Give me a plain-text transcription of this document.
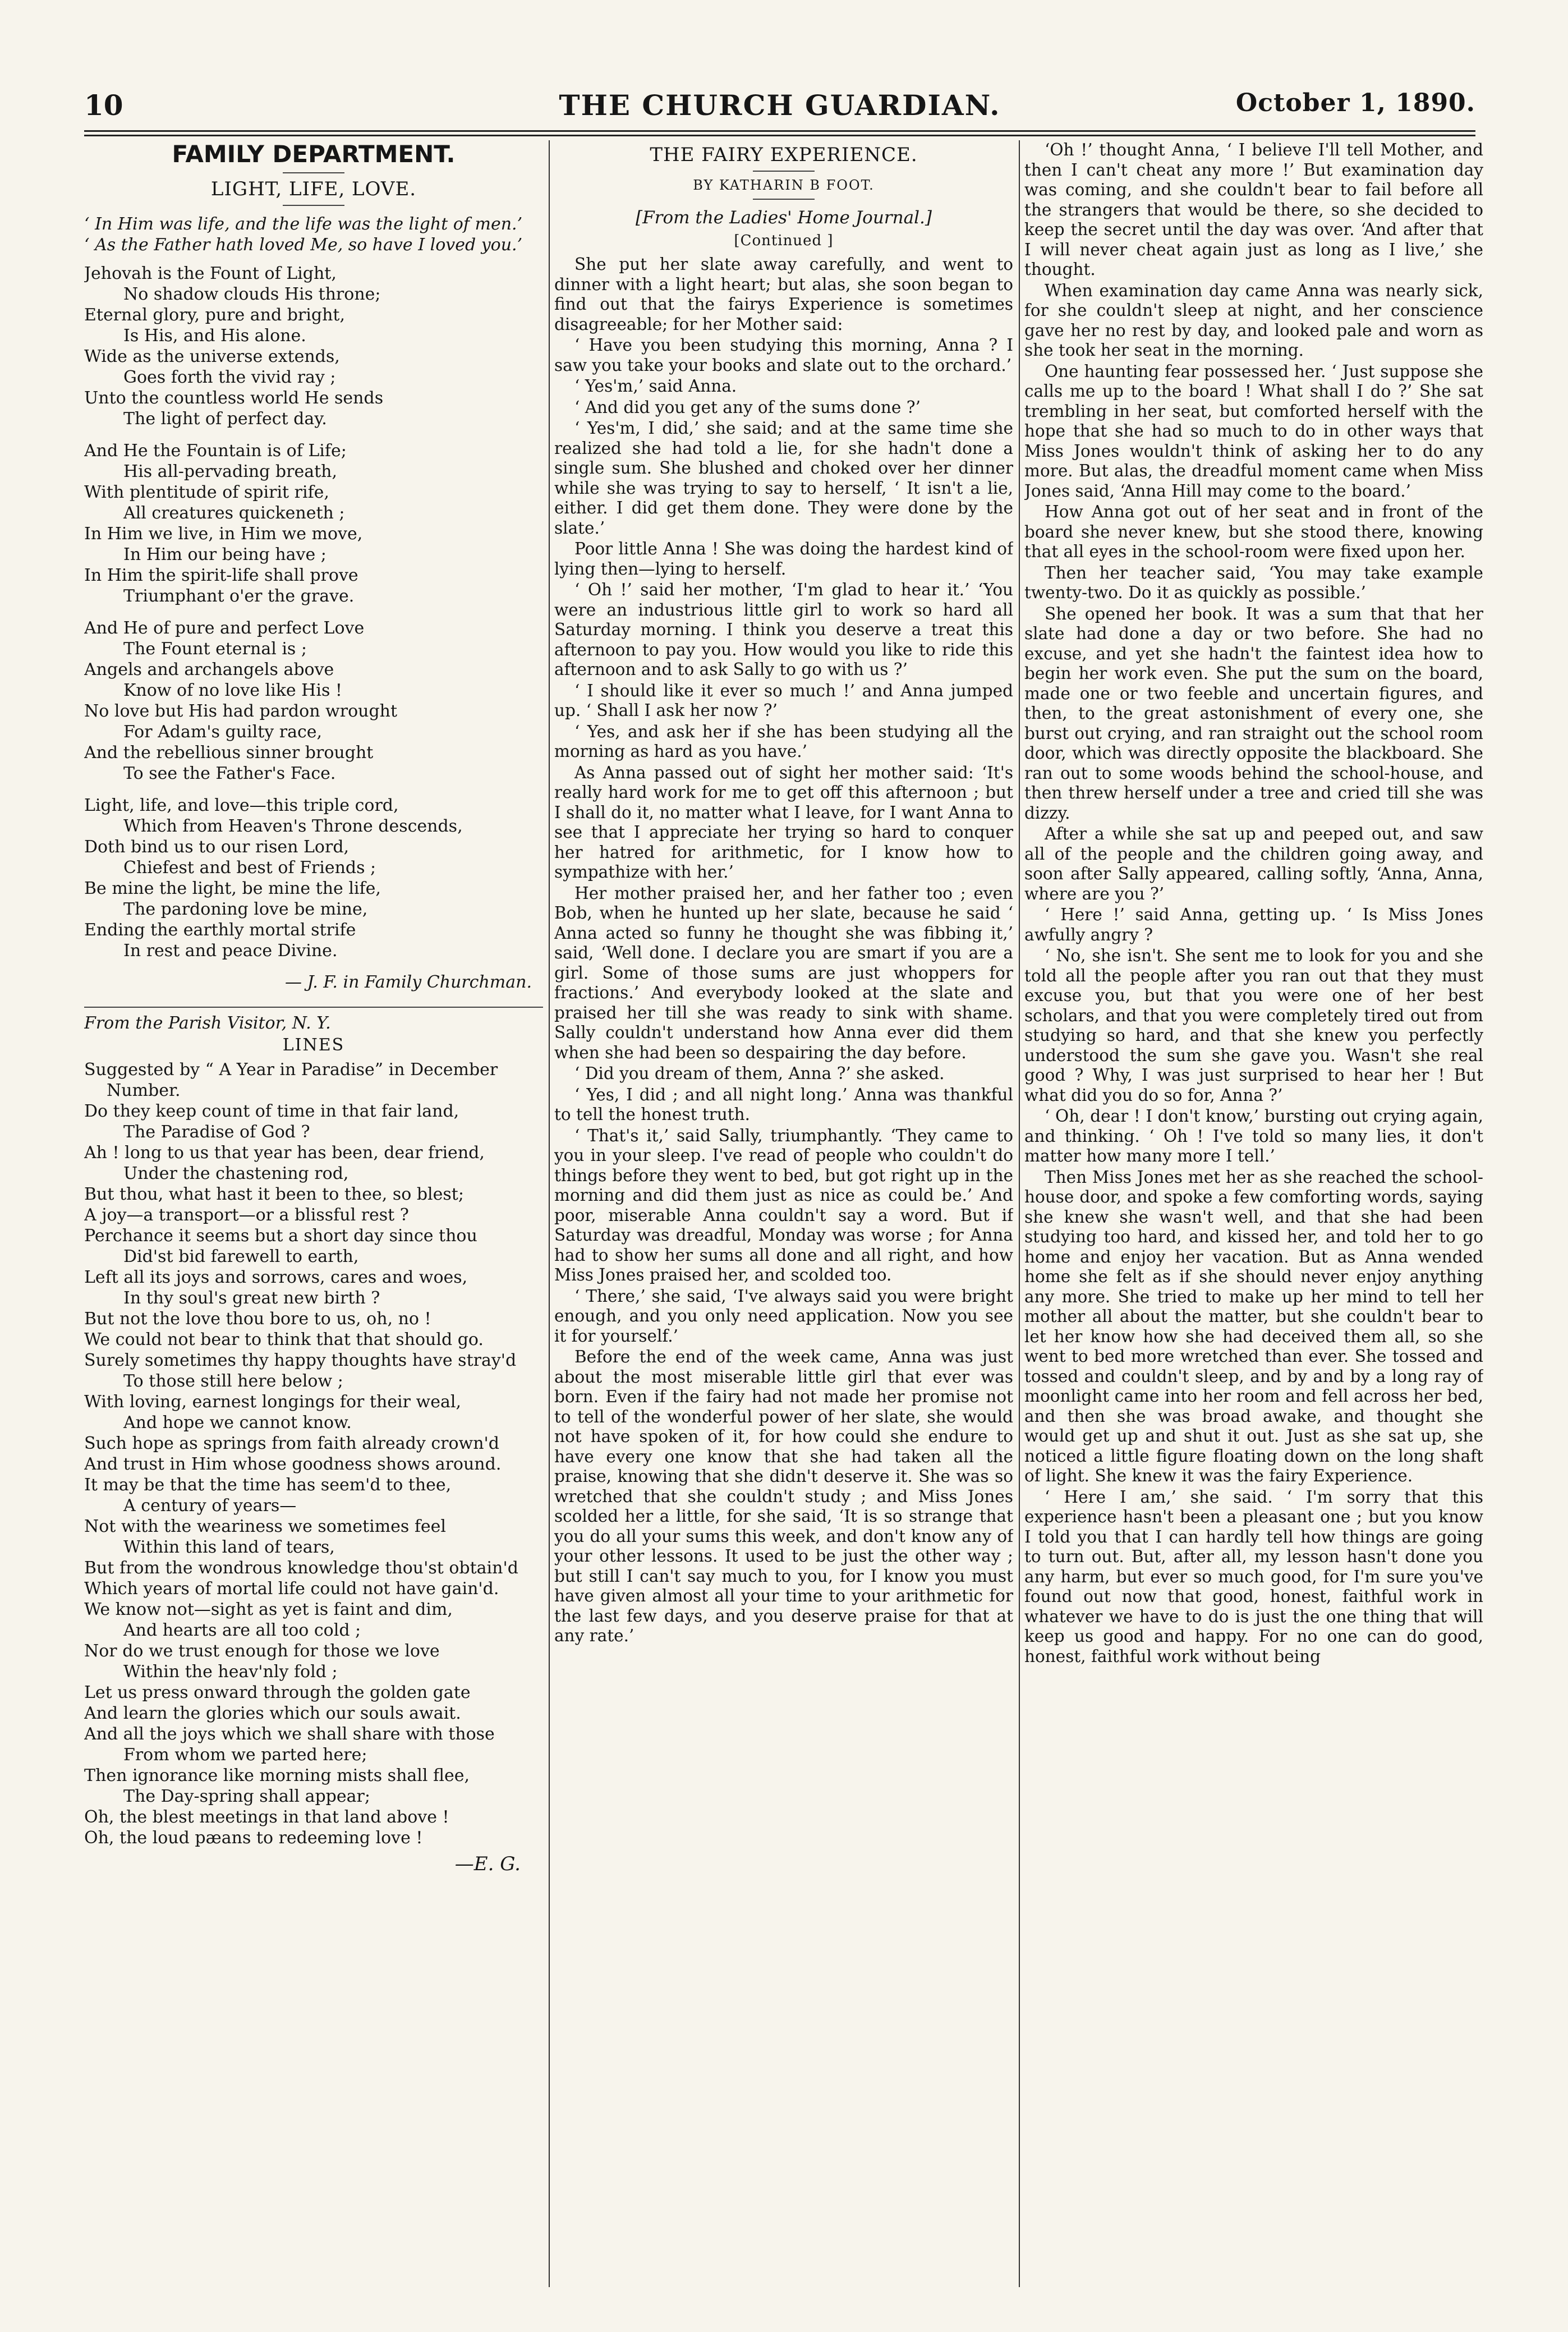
10	THE CHURCH GUARDIAN.	October 1, 1890.
FAMILY DEPARTMENT.
LIGHT, LIFE, LOVE.
‘ In Him was life, and the life was the light of men.’
‘ As the Father hath loved Me, so have I loved you.’
Jehovah is the Fount of Light,
No shadow clouds His throne;
Eternal glory, pure and bright,
Is His, and His alone.
Wide as the universe extends,
Goes forth the vivid ray ;
Unto the countless world He sends
The light of perfect day.
And He the Fountain is of Life;
His all-pervading breath,
With plentitude of spirit rife,
All creatures quickeneth ;
In Him we live, in Him we move,
In Him our being have ;
In Him the spirit-life shall prove
Triumphant o'er the grave.
And He of pure and perfect Love
The Fount eternal is ;
Angels and archangels above
Know of no love like His !
No love but His had pardon wrought
For Adam's guilty race,
And the rebellious sinner brought
To see the Father's Face.
Light, life, and love—this triple cord,
Which from Heaven's Throne descends,
Doth bind us to our risen Lord,
Chiefest and best of Friends ;
Be mine the light, be mine the life,
The pardoning love be mine,
Ending the earthly mortal strife
In rest and peace Divine.
— J. F. in Family Churchman.
From the Parish Visitor, N. Y.
LINES
Suggested by “ A Year in Paradise” in December Number.
Do they keep count of time in that fair land,
The Paradise of God ?
Ah ! long to us that year has been, dear friend,
Under the chastening rod,
But thou, what hast it been to thee, so blest;
A joy—a transport—or a blissful rest ?
Perchance it seems but a short day since thou
Did'st bid farewell to earth,
Left all its joys and sorrows, cares and woes,
In thy soul's great new birth ?
But not the love thou bore to us, oh, no !
We could not bear to think that that should go.
Surely sometimes thy happy thoughts have stray'd
To those still here below ;
With loving, earnest longings for their weal,
And hope we cannot know.
Such hope as springs from faith already crown'd
And trust in Him whose goodness shows around.
It may be that the time has seem'd to thee,
A century of years—
Not with the weariness we sometimes feel
Within this land of tears,
But from the wondrous knowledge thou'st obtain'd
Which years of mortal life could not have gain'd.
We know not—sight as yet is faint and dim,
And hearts are all too cold ;
Nor do we trust enough for those we love
Within the heav'nly fold ;
Let us press onward through the golden gate
And learn the glories which our souls await.
And all the joys which we shall share with those
From whom we parted here;
Then ignorance like morning mists shall flee,
The Day-spring shall appear;
Oh, the blest meetings in that land above !
Oh, the loud pæans to redeeming love !
—E. G.
THE FAIRY EXPERIENCE.
BY KATHARIN B FOOT.
[From the Ladies' Home Journal.]
[Continued ]

She put her slate away carefully, and went to dinner with a light heart; but alas, she soon began to find out that the fairys Experience is sometimes disagreeable; for her Mother said:

‘ Have you been studying this morning, Anna ? I saw you take your books and slate out to the orchard.’

‘ Yes'm,’ said Anna.

‘ And did you get any of the sums done ?’

‘ Yes'm, I did,’ she said; and at the same time she realized she had told a lie, for she hadn't done a single sum. She blushed and choked over her dinner while she was trying to say to herself, ‘ It isn't a lie, either. I did get them done. They were done by the slate.’

Poor little Anna ! She was doing the hardest kind of lying then—lying to herself.

‘ Oh !’ said her mother, ‘I'm glad to hear it.’ ‘You were an industrious little girl to work so hard all Saturday morning. I think you deserve a treat this afternoon to pay you. How would you like to ride this afternoon and to ask Sally to go with us ?’

‘ I should like it ever so much !’ and Anna jumped up. ‘ Shall I ask her now ?’

‘ Yes, and ask her if she has been studying all the morning as hard as you have.’

As Anna passed out of sight her mother said: ‘It's really hard work for me to get off this afternoon ; but I shall do it, no matter what I leave, for I want Anna to see that I appreciate her trying so hard to conquer her hatred for arithmetic, for I know how to sympathize with her.’

Her mother praised her, and her father too ; even Bob, when he hunted up her slate, because he said ‘ Anna acted so funny he thought she was fibbing it,’ said, ‘Well done. I declare you are smart if you are a girl. Some of those sums are just whoppers for fractions.’ And everybody looked at the slate and praised her till she was ready to sink with shame. Sally couldn't understand how Anna ever did them when she had been so despairing the day before.

‘ Did you dream of them, Anna ?’ she asked.

‘ Yes, I did ; and all night long.’ Anna was thankful to tell the honest truth.

‘ That's it,’ said Sally, triumphantly. ‘They came to you in your sleep. I've read of people who couldn't do things before they went to bed, but got right up in the morning and did them just as nice as could be.’ And poor, miserable Anna couldn't say a word. But if Saturday was dreadful, Monday was worse ; for Anna had to show her sums all done and all right, and how Miss Jones praised her, and scolded too.

‘ There,’ she said, ‘I've always said you were bright enough, and you only need application. Now you see it for yourself.’

Before the end of the week came, Anna was just about the most miserable little girl that ever was born. Even if the fairy had not made her promise not to tell of the wonderful power of her slate, she would not have spoken of it, for how could she endure to have every one know that she had taken all the praise, knowing that she didn't deserve it. She was so wretched that she couldn't study ; and Miss Jones scolded her a little, for she said, ‘It is so strange that you do all your sums this week, and don't know any of your other lessons. It used to be just the other way ; but still I can't say much to you, for I know you must have given almost all your time to your arithmetic for the last few days, and you deserve praise for that at any rate.’

‘Oh !’ thought Anna, ‘ I believe I'll tell Mother, and then I can't cheat any more !’ But examination day was coming, and she couldn't bear to fail before all the strangers that would be there, so she decided to keep the secret until the day was over. ‘And after that I will never cheat again just as long as I live,’ she thought.

When examination day came Anna was nearly sick, for she couldn't sleep at night, and her conscience gave her no rest by day, and looked pale and worn as she took her seat in the morning.

One haunting fear possessed her. ‘ Just suppose she calls me up to the board ! What shall I do ?’ She sat trembling in her seat, but comforted herself with the hope that she had so much to do in other ways that Miss Jones wouldn't think of asking her to do any more. But alas, the dreadful moment came when Miss Jones said, ‘Anna Hill may come to the board.’

How Anna got out of her seat and in front of the board she never knew, but she stood there, knowing that all eyes in the school-room were fixed upon her.

Then her teacher said, ‘You may take example twenty-two. Do it as quickly as possible.’

She opened her book. It was a sum that that her slate had done a day or two before. She had no excuse, and yet she hadn't the faintest idea how to begin her work even. She put the sum on the board, made one or two feeble and uncertain figures, and then, to the great astonishment of every one, she burst out crying, and ran straight out the school room door, which was directly opposite the blackboard. She ran out to some woods behind the school-house, and then threw herself under a tree and cried till she was dizzy.

After a while she sat up and peeped out, and saw all of the people and the children going away, and soon after Sally appeared, calling softly, ‘Anna, Anna, where are you ?’

‘ Here !’ said Anna, getting up. ‘ Is Miss Jones awfully angry ?

‘ No, she isn't. She sent me to look for you and she told all the people after you ran out that they must excuse you, but that you were one of her best scholars, and that you were completely tired out from studying so hard, and that she knew you perfectly understood the sum she gave you. Wasn't she real good ? Why, I was just surprised to hear her ! But what did you do so for, Anna ?’

‘ Oh, dear ! I don't know,’ bursting out crying again, and thinking. ‘ Oh ! I've told so many lies, it don't matter how many more I tell.’

Then Miss Jones met her as she reached the school-house door, and spoke a few comforting words, saying she knew she wasn't well, and that she had been studying too hard, and kissed her, and told her to go home and enjoy her vacation. But as Anna wended home she felt as if she should never enjoy anything any more. She tried to make up her mind to tell her mother all about the matter, but she couldn't bear to let her know how she had deceived them all, so she went to bed more wretched than ever. She tossed and tossed and couldn't sleep, and by and by a long ray of moonlight came into her room and fell across her bed, and then she was broad awake, and thought she would get up and shut it out. Just as she sat up, she noticed a little figure floating down on the long shaft of light. She knew it was the fairy Experience.

‘ Here I am,’ she said. ‘ I'm sorry that this experience hasn't been a pleasant one ; but you know I told you that I can hardly tell how things are going to turn out. But, after all, my lesson hasn't done you any harm, but ever so much good, for I'm sure you've found out now that good, honest, faithful work in whatever we have to do is just the one thing that will keep us good and happy. For no one can do good, honest, faithful work without being
